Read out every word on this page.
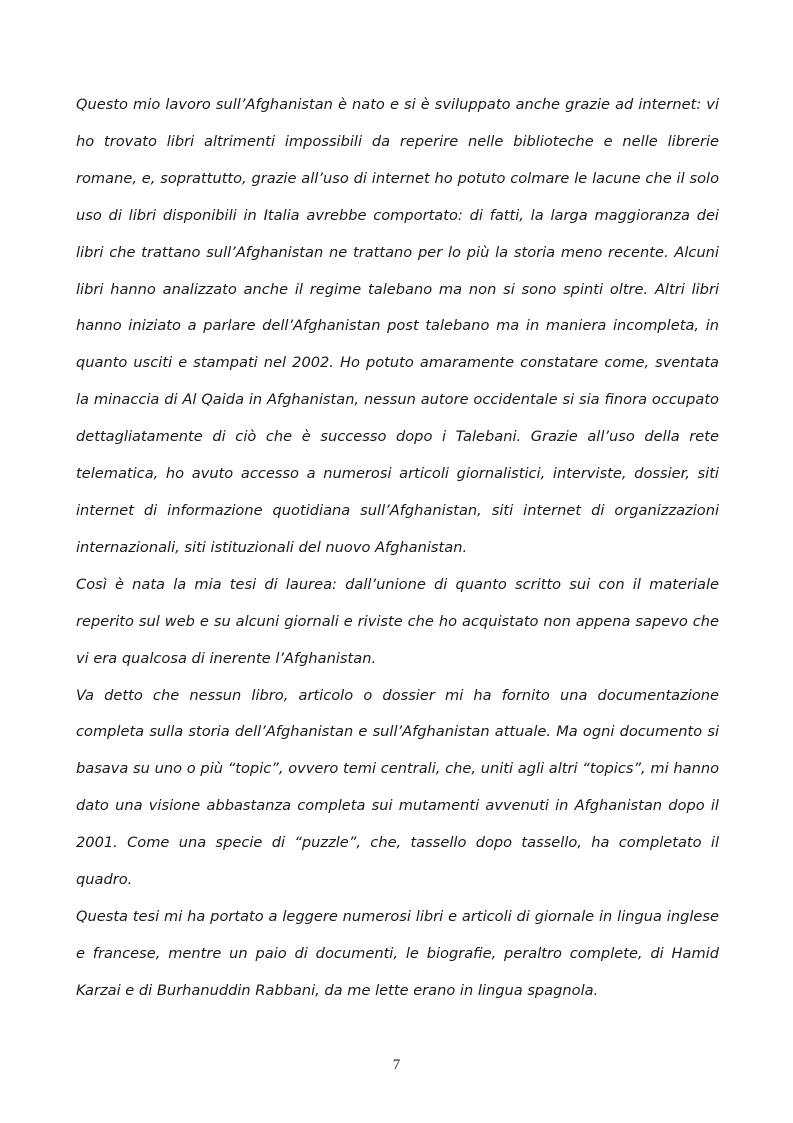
Questo mio lavoro sull’Afghanistan è nato e si è sviluppato anche grazie ad internet: vi ho trovato libri altrimenti impossibili da reperire nelle biblioteche e nelle librerie romane, e, soprattutto, grazie all’uso di internet ho potuto colmare le lacune che il solo uso di libri disponibili in Italia avrebbe comportato: di fatti, la larga maggioranza dei libri che trattano sull’Afghanistan ne trattano per lo più la storia meno recente. Alcuni libri hanno analizzato anche il regime talebano ma non si sono spinti oltre. Altri libri hanno iniziato a parlare dell’Afghanistan post talebano ma in maniera incompleta, in quanto usciti e stampati nel 2002. Ho potuto amaramente constatare come, sventata la minaccia di Al Qaida in Afghanistan, nessun autore occidentale si sia finora occupato dettagliatamente di ciò che è successo dopo i Talebani. Grazie all’uso della rete telematica, ho avuto accesso a numerosi articoli giornalistici, interviste, dossier, siti internet di informazione quotidiana sull’Afghanistan, siti internet di organizzazioni internazionali, siti istituzionali del nuovo Afghanistan.

Così è nata la mia tesi di laurea: dall’unione di quanto scritto sui con il materiale reperito sul web e su alcuni giornali e riviste che ho acquistato non appena sapevo che vi era qualcosa di inerente l’Afghanistan.

Va detto che nessun libro, articolo o dossier mi ha fornito una documentazione completa sulla storia dell’Afghanistan e sull’Afghanistan attuale. Ma ogni documento si basava su uno o più “topic”, ovvero temi centrali, che, uniti agli altri “topics”, mi hanno dato una visione abbastanza completa sui mutamenti avvenuti in Afghanistan dopo il 2001. Come una specie di “puzzle”, che, tassello dopo tassello, ha completato il quadro.

Questa tesi mi ha portato a leggere numerosi libri e articoli di giornale in lingua inglese e francese, mentre un paio di documenti, le biografie, peraltro complete, di Hamid Karzai e di Burhanuddin Rabbani, da me lette erano in lingua spagnola.

7
